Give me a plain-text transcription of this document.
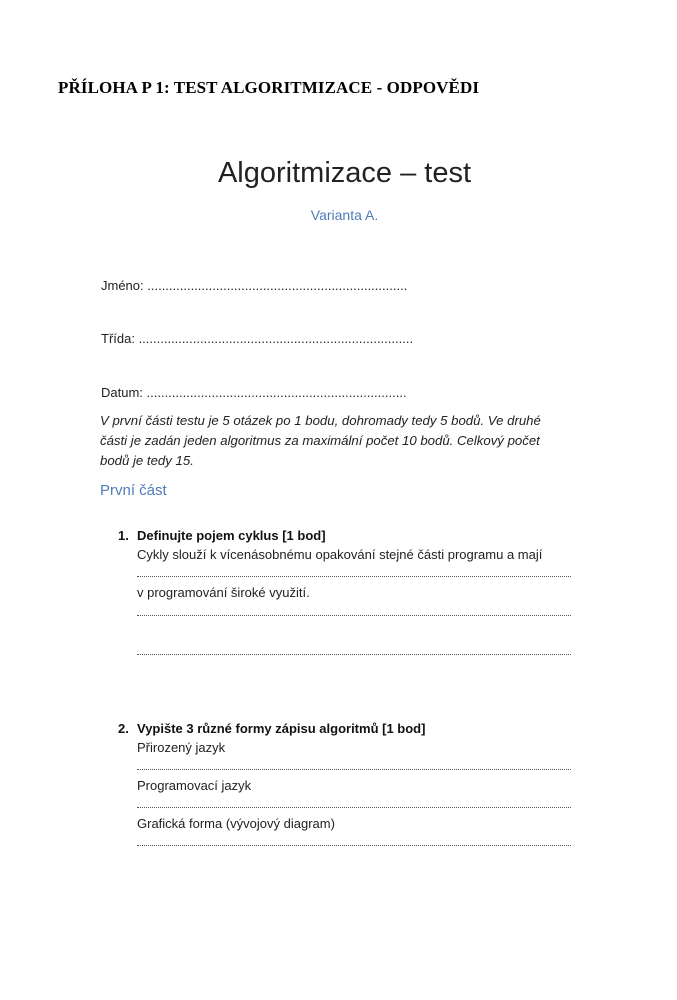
PŘÍLOHA P 1: TEST ALGORITMIZACE - ODPOVĚDI
Algoritmizace – test
Varianta A.
Jméno: ........................................................................
Třída: ............................................................................
Datum: ........................................................................
V první části testu je 5 otázek po 1 bodu, dohromady tedy 5 bodů. Ve druhé části je zadán jeden algoritmus za maximální počet 10 bodů. Celkový počet bodů je tedy 15.
První část
1. Definujte pojem cyklus [1 bod]
Cykly slouží k vícenásobnému opakování stejné části programu a mají
v programování široké využití.
2. Vypište 3 různé formy zápisu algoritmů [1 bod]
Přirozený jazyk
Programovací jazyk
Grafická forma (vývojový diagram)
